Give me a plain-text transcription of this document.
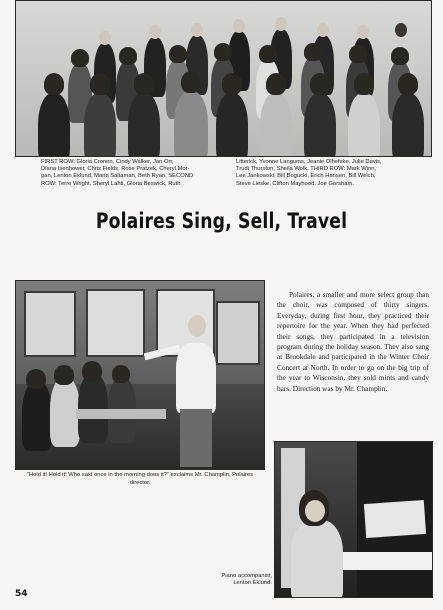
FIRST ROW: Gloria Cronen, Cindy Walker, Jan Orr,
Diana Isenhower, Chris Fields, Rose Pratzek, Cheryl Mor-
gan, Lenton Eklund, Maria Saltaman, Beth Ryan. SECOND
ROW: Terre Wright, Sheryl Lahti, Gloria Beswick, Ruth
Litterick, Yvonne Langums, Jeanie Olhefske, Julie Davis,
Trudi Thurston, Sheila Wolk. THIRD ROW: Mark Winn,
Lee Jankowski, Bill Bogucki, Erich Hansen, Bill Welch,
Steve Lieske, Clifton Mayhood, Joe Gorsham.
Polaires Sing, Sell, Travel
Polaires, a smaller and more select group than the choir, was composed of thirty singers. Everyday, during first hour, they practiced their repertoire for the year. When they had perfected their songs, they participated in a television program during the holiday season. They also sang at Brookdale and participated in the Winter Choir Concert at North. In order to go on the big trip of the year to Wisconsin, they sold mints and candy bars. Direction was by Mr. Champlin.
"Hold it! Hold it! Who said once in the morning does it?" exclaims Mr. Champlin, Polaires director.
Piano accompanist, Lenton Eklund.
54
